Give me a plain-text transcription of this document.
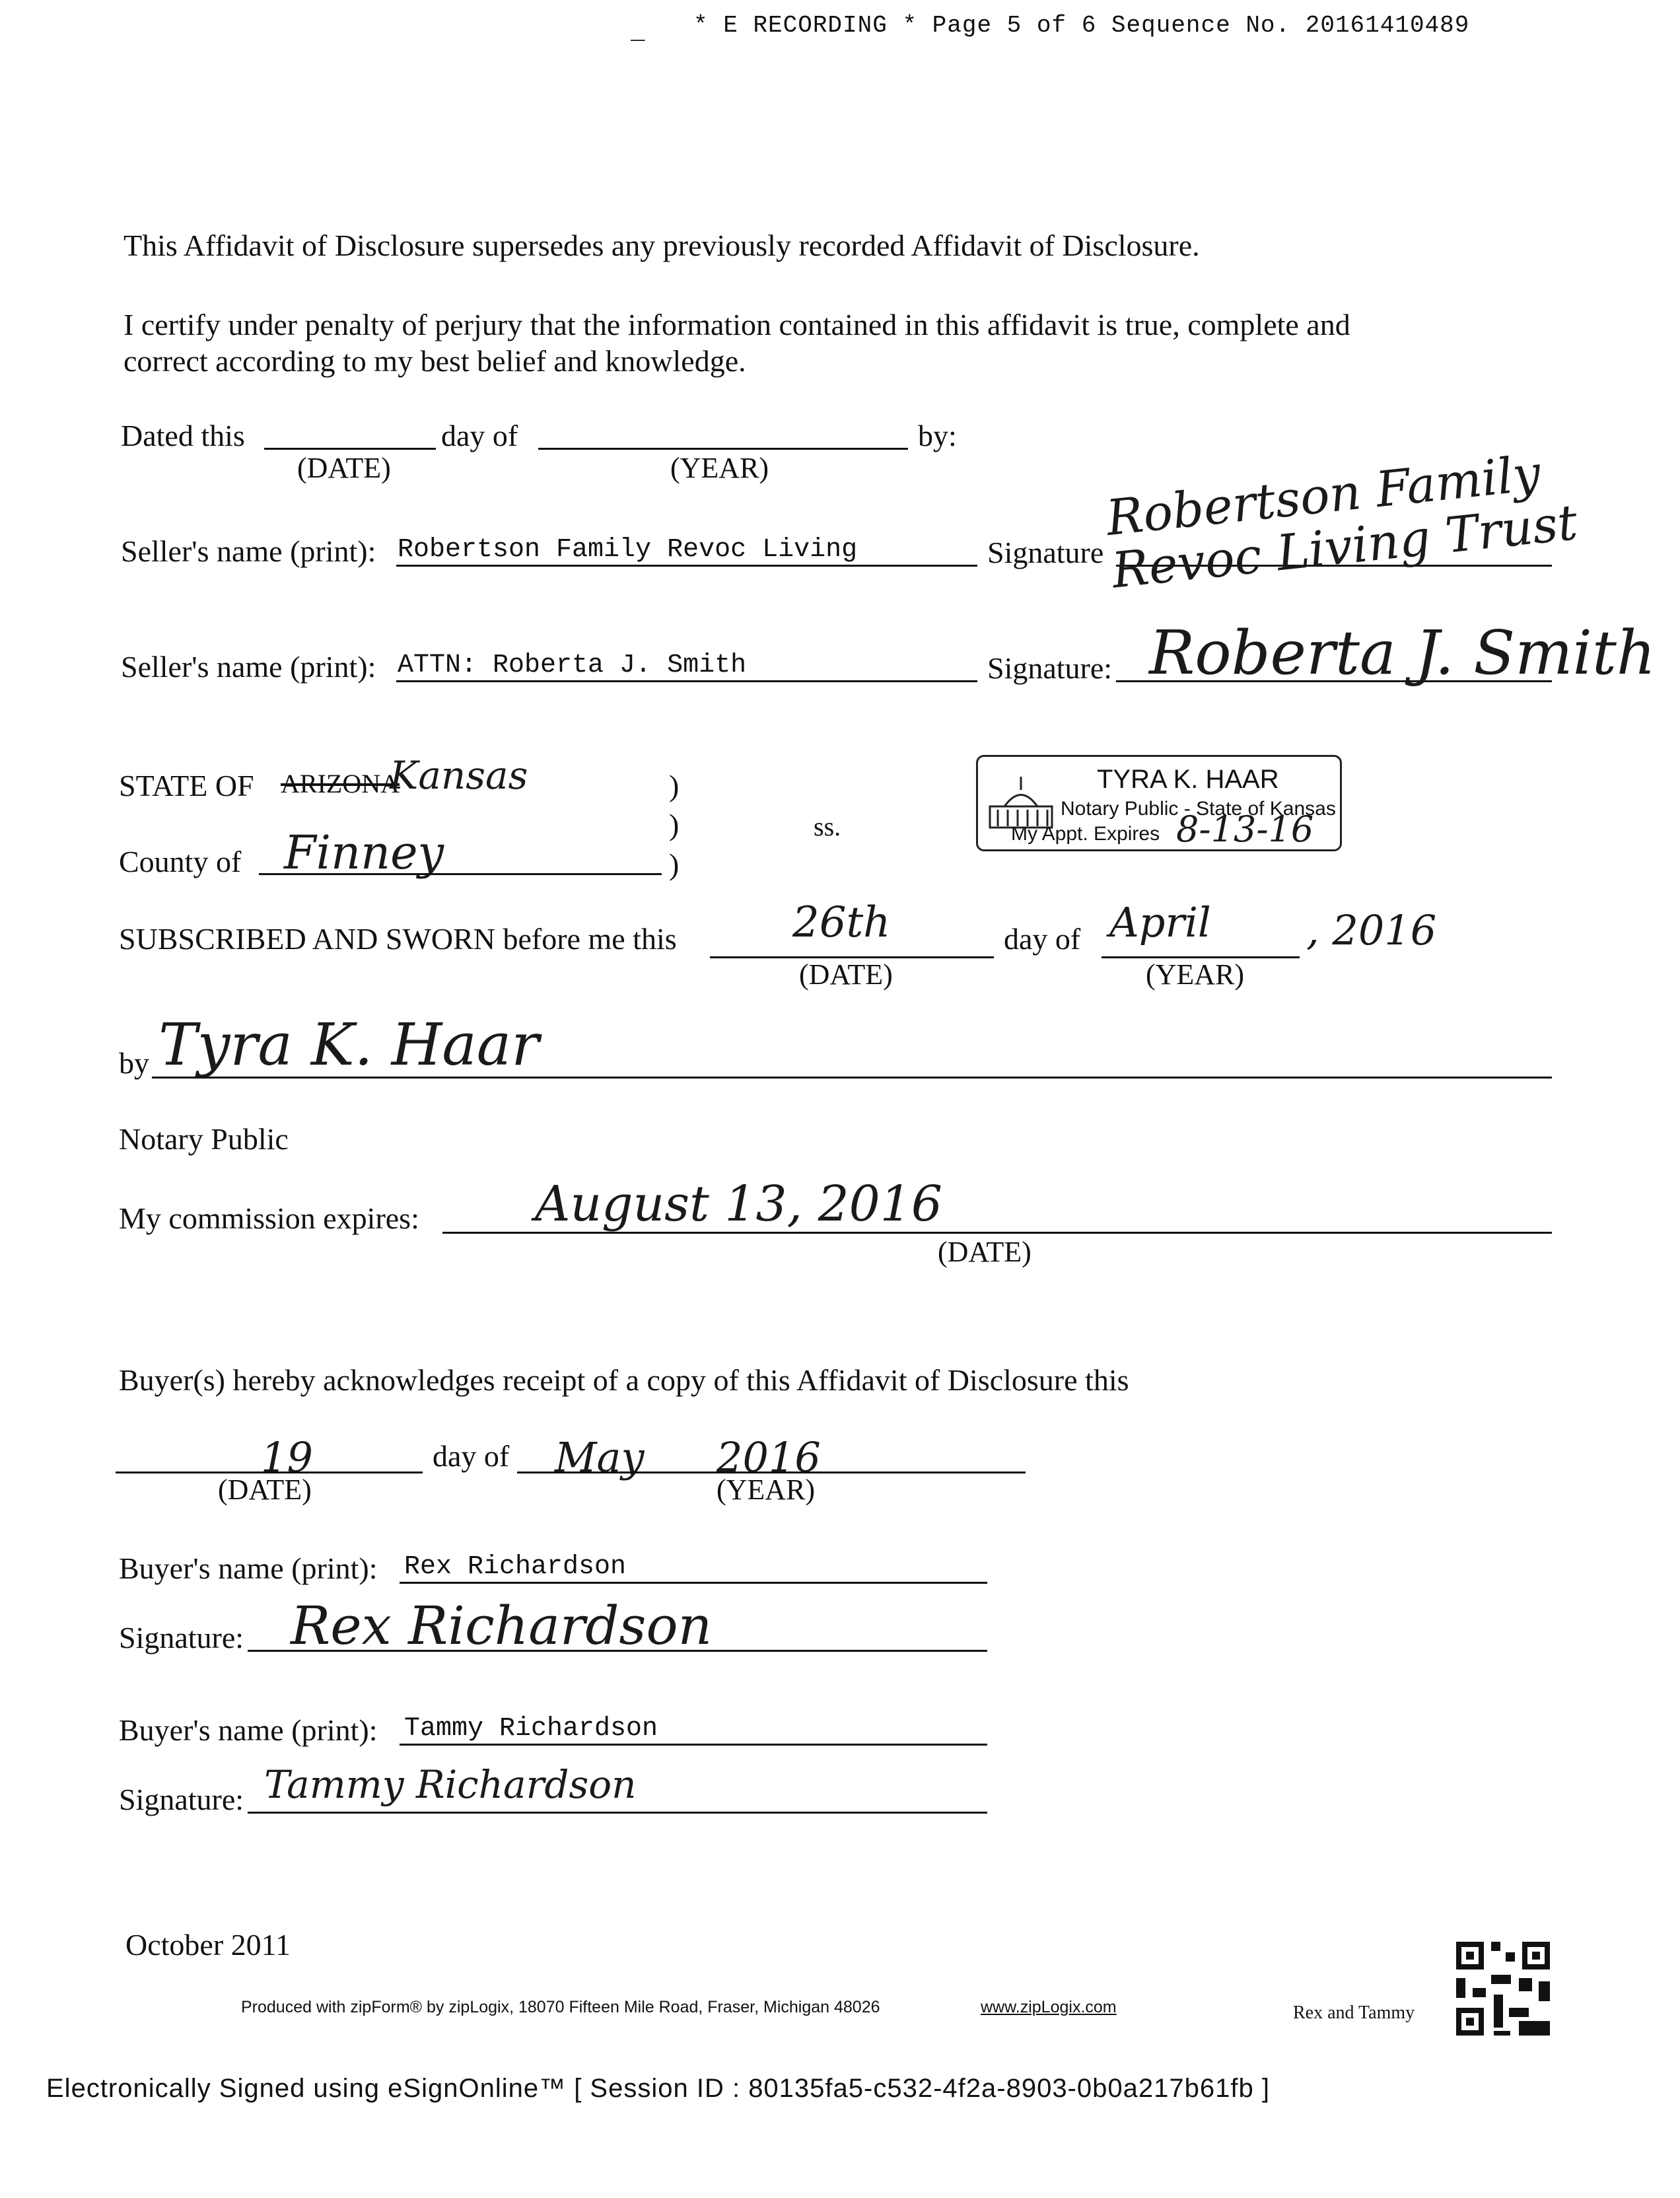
* E RECORDING * Page 5 of 6 Sequence No. 20161410489
_
This Affidavit of Disclosure supersedes any previously recorded Affidavit of Disclosure.
I certify under penalty of perjury that the information contained in this affidavit is true, complete and
correct according to my best belief and knowledge.
Dated this	day of	by:
(DATE)	(YEAR)
Seller's name (print): Robertson Family Revoc Living	Signature
Robertson Family Revoc Living Trust
Seller's name (print): ATTN: Roberta J. Smith	Signature: Roberta J. Smith
STATE OF ARIZONA
Kansas	)
)
)
ss.
County of Finney
TYRA K. HAAR
Notary Public - State of Kansas
My Appt. Expires 8-13-16
SUBSCRIBED AND SWORN before me this	26th	day of April , 2016
(DATE)	(YEAR)
by Tyra K. Haar
Notary Public
My commission expires: August 13, 2016
(DATE)
Buyer(s) hereby acknowledges receipt of a copy of this Affidavit of Disclosure this
19	day of May 2016
(DATE)	(YEAR)
Buyer's name (print): Rex Richardson
Signature: Rex Richardson
Buyer's name (print): Tammy Richardson
Signature: Tammy Richardson
October 2011
Produced with zipForm® by zipLogix, 18070 Fifteen Mile Road, Fraser, Michigan 48026	www.zipLogix.com	Rex and Tammy
Electronically Signed using eSignOnline™ [ Session ID : 80135fa5-c532-4f2a-8903-0b0a217b61fb ]
